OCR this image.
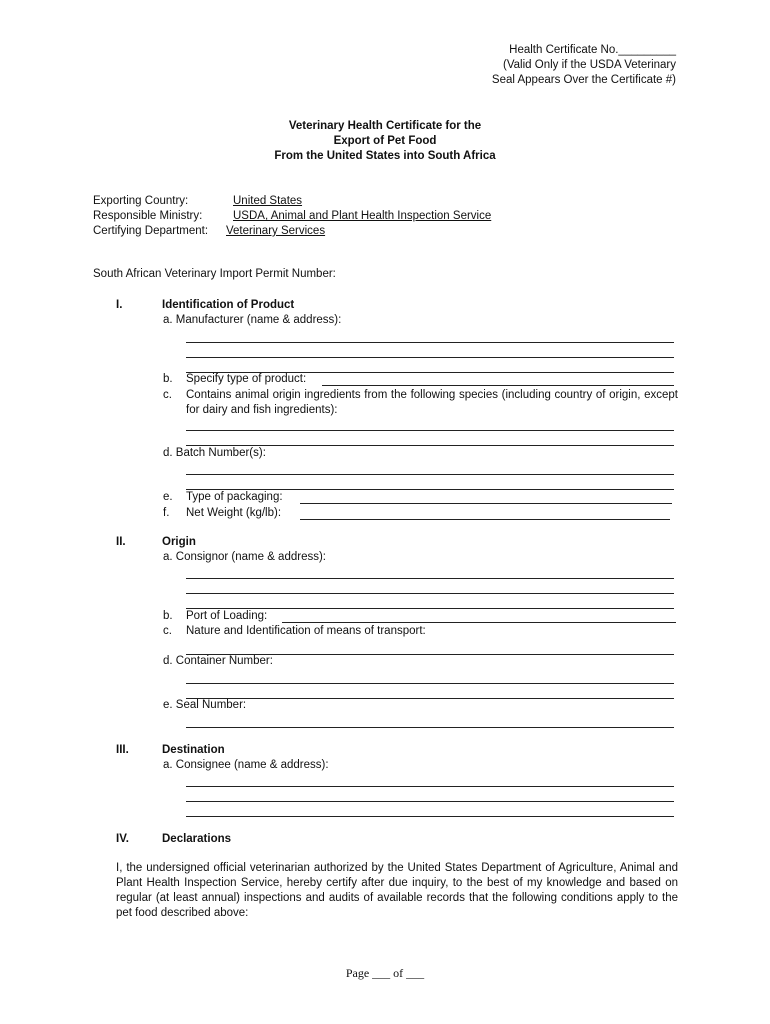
Health Certificate No._________
(Valid Only if the USDA Veterinary
Seal Appears Over the Certificate #)
Veterinary Health Certificate for the
Export of Pet Food
From the United States into South Africa
Exporting Country:	United States
Responsible Ministry:	USDA, Animal and Plant Health Inspection Service
Certifying Department: Veterinary Services
South African Veterinary Import Permit Number:
I.	Identification of Product
a. Manufacturer (name & address):
b. Specify type of product:
c. Contains animal origin ingredients from the following species (including country of origin, except for dairy and fish ingredients):
d. Batch Number(s):
e. Type of packaging:
f. Net Weight (kg/lb):
II.	Origin
a. Consignor (name & address):
b. Port of Loading:
c. Nature and Identification of means of transport:
d. Container Number:
e. Seal Number:
III.	Destination
a. Consignee (name & address):
IV.	Declarations
I, the undersigned official veterinarian authorized by the United States Department of Agriculture, Animal and Plant Health Inspection Service, hereby certify after due inquiry, to the best of my knowledge and based on regular (at least annual) inspections and audits of available records that the following conditions apply to the pet food described above:
Page ___ of ___
